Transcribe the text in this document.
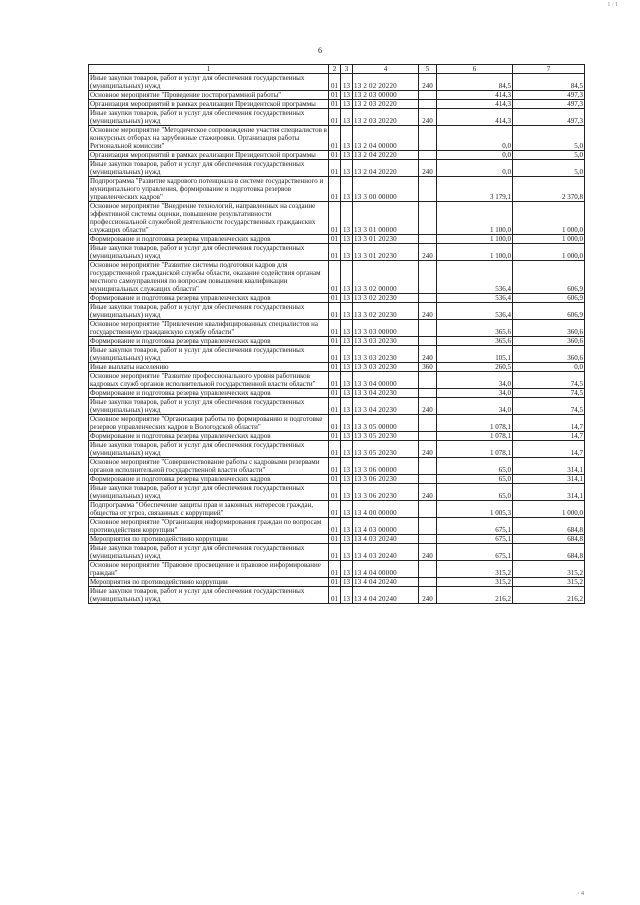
1 / 1
6
1	2	3	4	5	6	7
Иные закупки товаров, работ и услуг для обеспечения государственных (муниципальных) нужд	01	13	13 2 02 20220	240	84,5	84,5
Основное мероприятие "Проведение постпрограммной работы"	01	13	13 2 03 00000		414,3	497,3
Организация мероприятий в рамках реализации Президентской программы	01	13	13 2 03 20220		414,3	497,3
Иные закупки товаров, работ и услуг для обеспечения государственных (муниципальных) нужд	01	13	13 2 03 20220	240	414,3	497,3
Основное мероприятие "Методическое сопровождение участия специалистов в конкурсных отборах на зарубежные стажировки. Организация работы Региональной комиссии"	01	13	13 2 04 00000		0,0	5,0
Организация мероприятий в рамках реализации Президентской программы	01	13	13 2 04 20220		0,0	5,0
Иные закупки товаров, работ и услуг для обеспечения государственных (муниципальных) нужд	01	13	13 2 04 20220	240	0,0	5,0
Подпрограмма "Развитие кадрового потенциала в системе государственного и муниципального управления, формирование и подготовка резервов управленческих кадров"	01	13	13 3 00 00000		3 179,1	2 370,8
Основное мероприятие "Внедрение технологий, направленных на создание эффективной системы оценки, повышение результативности профессиональной служебной деятельности государственных гражданских служащих области"	01	13	13 3 01 00000		1 100,0	1 000,0
Формирование и подготовка резерва управленческих кадров	01	13	13 3 01 20230		1 100,0	1 000,0
Иные закупки товаров, работ и услуг для обеспечения государственных (муниципальных) нужд	01	13	13 3 01 20230	240	1 100,0	1 000,0
Основное мероприятие "Развитие системы подготовки кадров для государственной гражданской службы области, оказание содействия органам местного самоуправления по вопросам повышения квалификации муниципальных служащих области"	01	13	13 3 02 00000		536,4	606,9
Формирование и подготовка резерва управленческих кадров	01	13	13 3 02 20230		536,4	606,9
Иные закупки товаров, работ и услуг для обеспечения государственных (муниципальных) нужд	01	13	13 3 02 20230	240	536,4	606,9
Основное мероприятие "Привлечение квалифицированных специалистов на государственную гражданскую службу области"	01	13	13 3 03 00000		365,6	360,6
Формирование и подготовка резерва управленческих кадров	01	13	13 3 03 20230		365,6	360,6
Иные закупки товаров, работ и услуг для обеспечения государственных (муниципальных) нужд	01	13	13 3 03 20230	240	105,1	360,6
Иные выплаты населению	01	13	13 3 03 20230	360	260,5	0,0
Основное мероприятие "Развитие профессионального уровня работников кадровых служб органов исполнительной государственной власти области"	01	13	13 3 04 00000		34,0	74,5
Формирование и подготовка резерва управленческих кадров	01	13	13 3 04 20230		34,0	74,5
Иные закупки товаров, работ и услуг для обеспечения государственных (муниципальных) нужд	01	13	13 3 04 20230	240	34,0	74,5
Основное мероприятие "Организация работы по формированию и подготовке резервов управленческих кадров в Вологодской области"	01	13	13 3 05 00000		1 078,1	14,7
Формирование и подготовка резерва управленческих кадров	01	13	13 3 05 20230		1 078,1	14,7
Иные закупки товаров, работ и услуг для обеспечения государственных (муниципальных) нужд	01	13	13 3 05 20230	240	1 078,1	14,7
Основное мероприятие "Совершенствование работы с кадровыми резервами органов исполнительной государственной власти области"	01	13	13 3 06 00000		65,0	314,1
Формирование и подготовка резерва управленческих кадров	01	13	13 3 06 20230		65,0	314,1
Иные закупки товаров, работ и услуг для обеспечения государственных (муниципальных) нужд	01	13	13 3 06 20230	240	65,0	314,1
Подпрограмма "Обеспечение защиты прав и законных интересов граждан, общества от угроз, связанных с коррупцией"	01	13	13 4 00 00000		1 005,3	1 000,0
Основное мероприятие "Организация информирования граждан по вопросам противодействия коррупции"	01	13	13 4 03 00000		675,1	684,8
Мероприятия по противодействию коррупции	01	13	13 4 03 20240		675,1	684,8
Иные закупки товаров, работ и услуг для обеспечения государственных (муниципальных) нужд	01	13	13 4 03 20240	240	675,1	684,8
Основное мероприятие "Правовое просвещение и правовое информирование граждан"	01	13	13 4 04 00000		315,2	315,2
Мероприятия по противодействию коррупции	01	13	13 4 04 20240		315,2	315,2
Иные закупки товаров, работ и услуг для обеспечения государственных (муниципальных) нужд	01	13	13 4 04 20240	240	216,2	216,2
· 4
